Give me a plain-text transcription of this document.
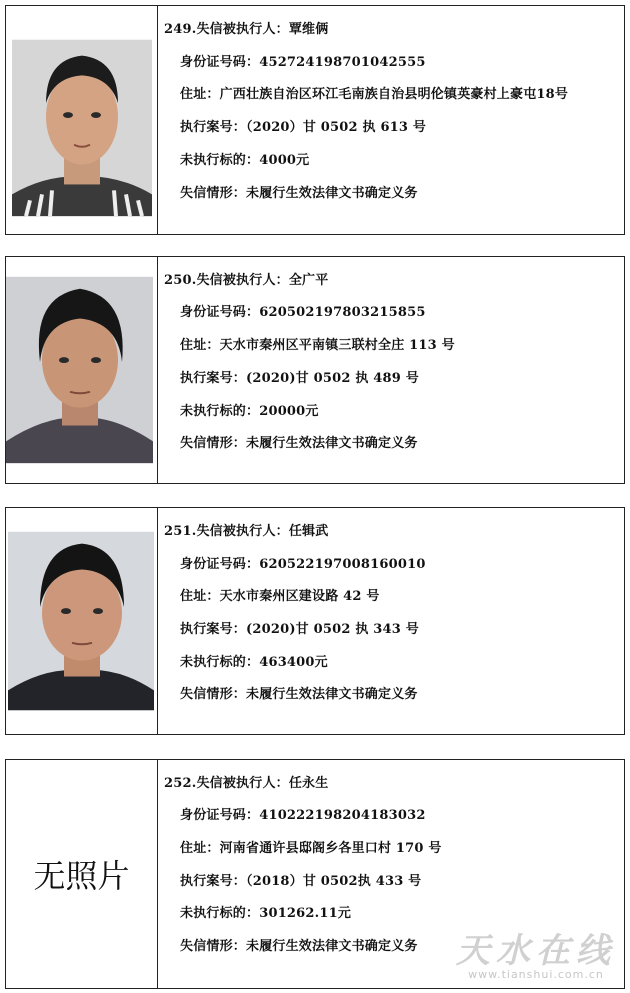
249.失信被执行人：覃维俩
身份证号码：452724198701042555
住址：广西壮族自治区环江毛南族自治县明伦镇英豪村上豪屯18号
执行案号：（2020）甘 0502 执 613 号
未执行标的：4000元
失信情形：未履行生效法律文书确定义务
250.失信被执行人：全广平
身份证号码：620502197803215855
住址：天水市秦州区平南镇三联村全庄 113 号
执行案号：(2020)甘 0502 执 489 号
未执行标的：20000元
失信情形：未履行生效法律文书确定义务
251.失信被执行人：任辑武
身份证号码：620522197008160010
住址：天水市秦州区建设路 42 号
执行案号：(2020)甘 0502 执 343 号
未执行标的：463400元
失信情形：未履行生效法律文书确定义务
无照片
252.失信被执行人：任永生
身份证号码：410222198204183032
住址：河南省通许县邸阁乡各里口村 170 号
执行案号：（2018）甘 0502执 433 号
未执行标的：301262.11元
失信情形：未履行生效法律文书确定义务 天水在线
www.tianshui.com.cn
